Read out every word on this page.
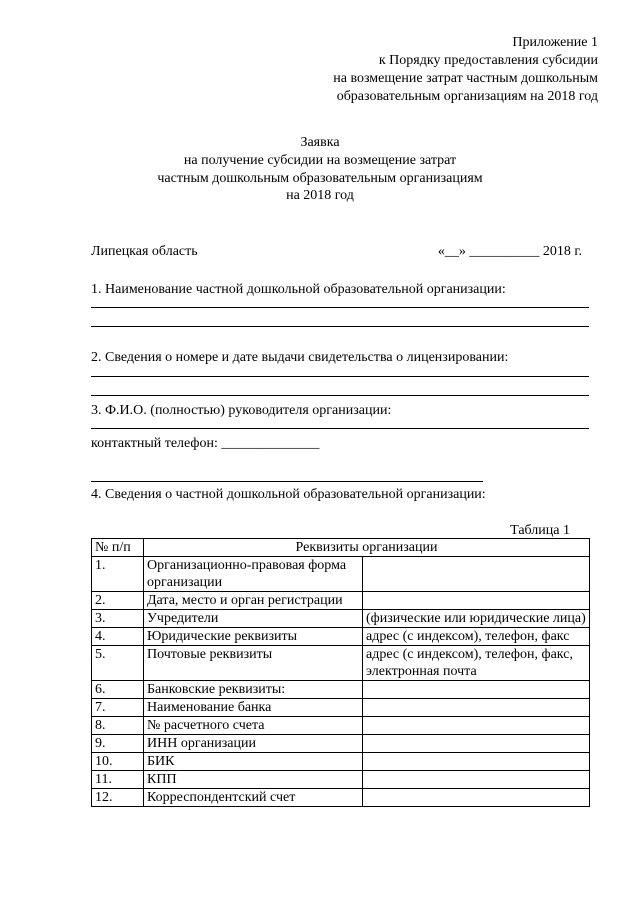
Приложение 1
к Порядку предоставления субсидии
на возмещение затрат частным дошкольным
образовательным организациям на 2018 год
Заявка
на получение субсидии на возмещение затрат
частным дошкольным образовательным организациям
на 2018 год
Липецкая область	«__» __________ 2018 г.
1. Наименование частной дошкольной образовательной организации:
2. Сведения о номере и дате выдачи свидетельства о лицензировании:
3. Ф.И.О. (полностью) руководителя организации:
контактный телефон: ______________
4. Сведения о частной дошкольной образовательной организации:
Таблица 1
№ п/п	Реквизиты организации	
1.	Организационно-правовая форма организации	
2.	Дата, место и орган регистрации	
3.	Учредители	(физические или юридические лица)
4.	Юридические реквизиты	адрес (с индексом), телефон, факс
5.	Почтовые реквизиты	адрес (с индексом), телефон, факс, электронная почта
6.	Банковские реквизиты:	
7.	Наименование банка	
8.	№ расчетного счета	
9.	ИНН организации	
10.	БИК	
11.	КПП	
12.	Корреспондентский счет	
